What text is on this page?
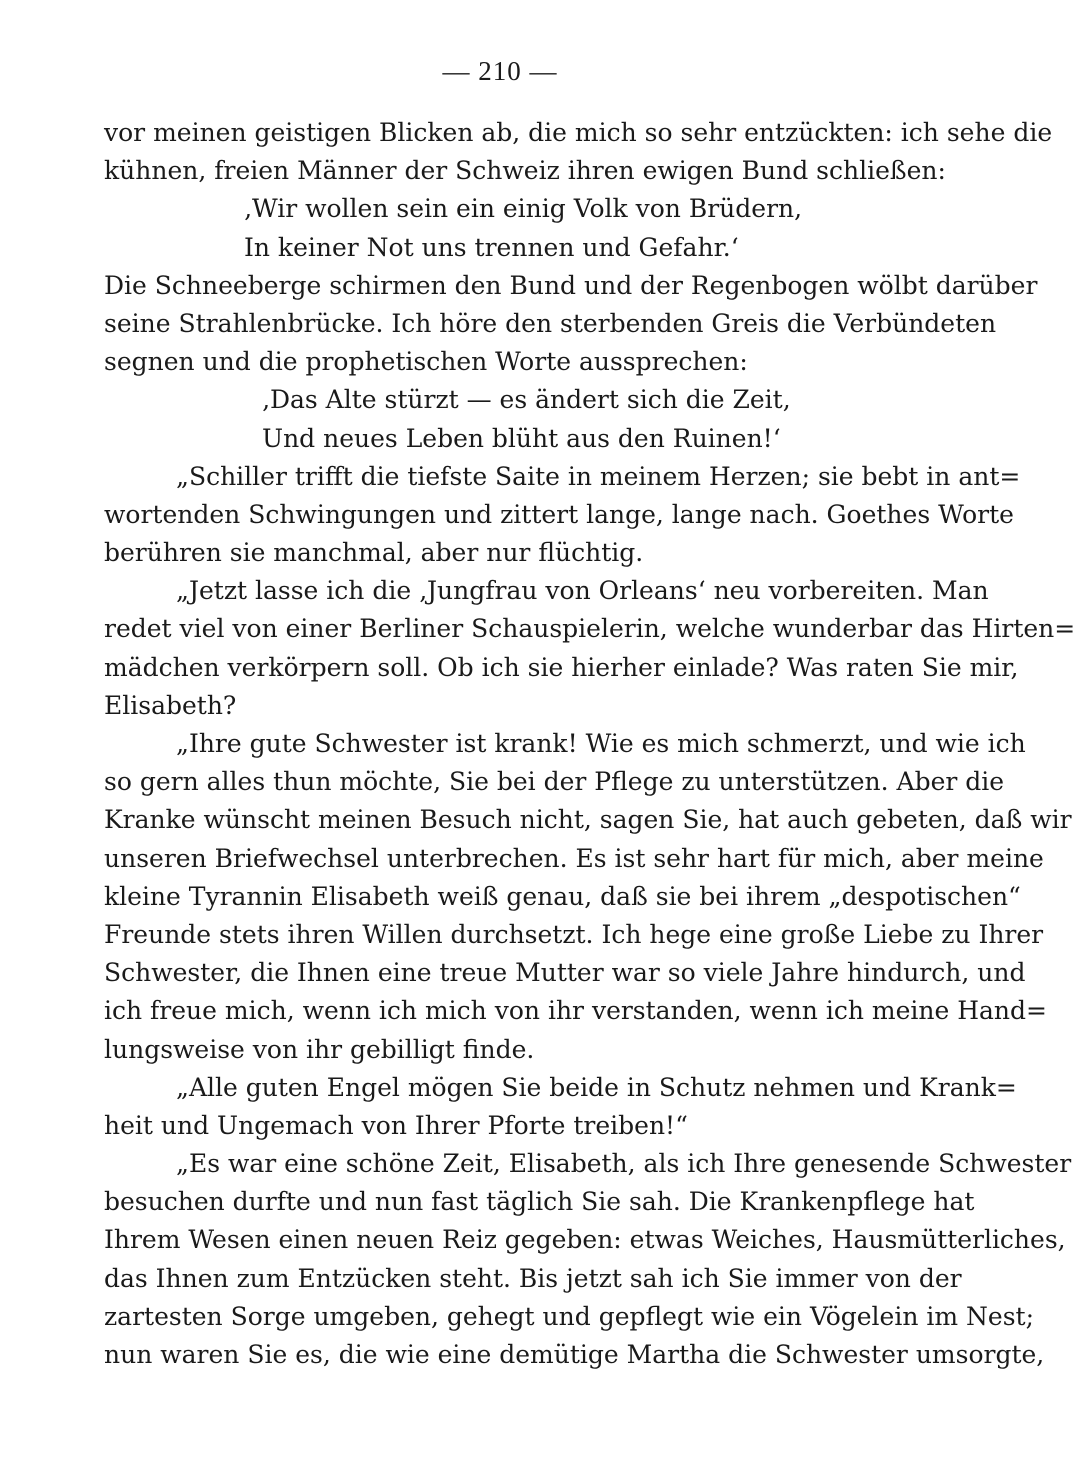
— 210 —
vor meinen geistigen Blicken ab, die mich so sehr entzückten: ich sehe die
kühnen, freien Männer der Schweiz ihren ewigen Bund schließen:
‚Wir wollen sein ein einig Volk von Brüdern,
In keiner Not uns trennen und Gefahr.‘
Die Schneeberge schirmen den Bund und der Regenbogen wölbt darüber
seine Strahlenbrücke. Ich höre den sterbenden Greis die Verbündeten
segnen und die prophetischen Worte aussprechen:
‚Das Alte stürzt — es ändert sich die Zeit,
Und neues Leben blüht aus den Ruinen!‘
„Schiller trifft die tiefste Saite in meinem Herzen; sie bebt in ant=
wortenden Schwingungen und zittert lange, lange nach. Goethes Worte
berühren sie manchmal, aber nur flüchtig.
„Jetzt lasse ich die ‚Jungfrau von Orleans‘ neu vorbereiten. Man
redet viel von einer Berliner Schauspielerin, welche wunderbar das Hirten=
mädchen verkörpern soll. Ob ich sie hierher einlade? Was raten Sie mir,
Elisabeth?
„Ihre gute Schwester ist krank! Wie es mich schmerzt, und wie ich
so gern alles thun möchte, Sie bei der Pflege zu unterstützen. Aber die
Kranke wünscht meinen Besuch nicht, sagen Sie, hat auch gebeten, daß wir
unseren Briefwechsel unterbrechen. Es ist sehr hart für mich, aber meine
kleine Tyrannin Elisabeth weiß genau, daß sie bei ihrem „despotischen“
Freunde stets ihren Willen durchsetzt. Ich hege eine große Liebe zu Ihrer
Schwester, die Ihnen eine treue Mutter war so viele Jahre hindurch, und
ich freue mich, wenn ich mich von ihr verstanden, wenn ich meine Hand=
lungsweise von ihr gebilligt finde.
„Alle guten Engel mögen Sie beide in Schutz nehmen und Krank=
heit und Ungemach von Ihrer Pforte treiben!“
„Es war eine schöne Zeit, Elisabeth, als ich Ihre genesende Schwester
besuchen durfte und nun fast täglich Sie sah. Die Krankenpflege hat
Ihrem Wesen einen neuen Reiz gegeben: etwas Weiches, Hausmütterliches,
das Ihnen zum Entzücken steht. Bis jetzt sah ich Sie immer von der
zartesten Sorge umgeben, gehegt und gepflegt wie ein Vögelein im Nest;
nun waren Sie es, die wie eine demütige Martha die Schwester umsorgte,
